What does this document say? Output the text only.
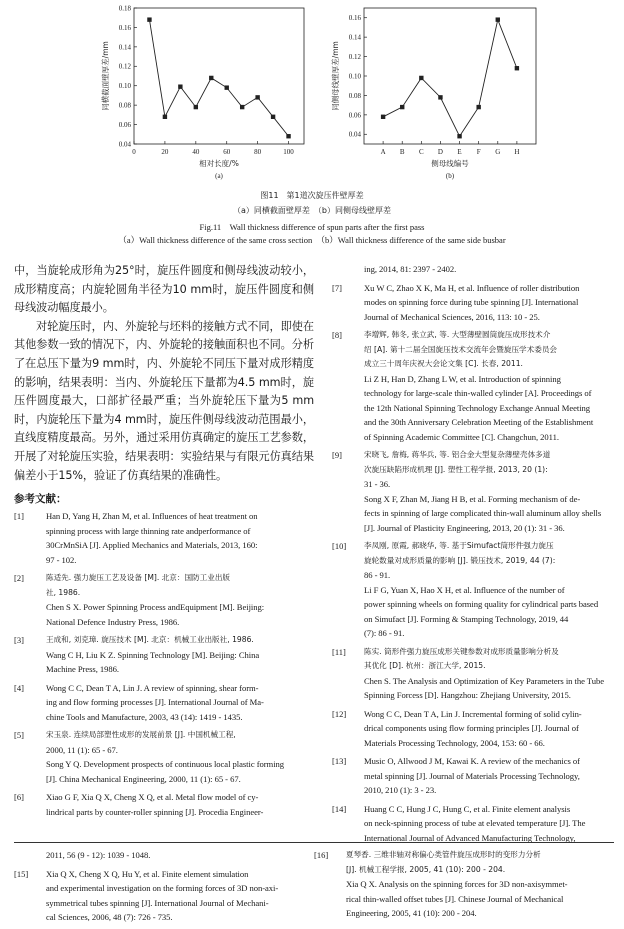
0.04
0.06
0.08
0.10
0.12
0.14
0.16
0.18
0	20	40	60	80	100
相对长度/%
同横截面壁厚差/mm
(a)
0.04
0.06
0.08
0.10
0.12
0.14
0.16
A B C D E F G H
侧母线编号
同侧母线壁厚差/mm
(b)
图11　第1道次旋压件壁厚差
（a）同横截面壁厚差　（b）同侧母线壁厚差
Fig.11　Wall thickness difference of spun parts after the first pass
（a）Wall thickness difference of the same cross section　（b）Wall thickness difference of the same side busbar

中，当旋轮成形角为25°时，旋压件圆度和侧母线波动较小，成形精度高；内旋轮圆角半径为10 mm时，旋压件圆度和侧母线波动幅度最小。

对轮旋压时，内、外旋轮与坯料的接触方式不同，即使在其他参数一致的情况下，内、外旋轮的接触面积也不同。分析了在总压下量为9 mm时，内、外旋轮不同压下量对成形精度的影响，结果表明：当内、外旋轮压下量都为4.5 mm时，旋压件圆度最大，口部扩径最严重；当外旋轮压下量为5 mm时，内旋轮压下量为4 mm时，旋压件侧母线波动范围最小，直线度精度最高。另外，通过采用仿真确定的旋压工艺参数，开展了对轮旋压实验，结果表明：实验结果与有限元仿真结果偏差小于15%，验证了仿真结果的准确性。

参考文献：
[1]	Han D, Yang H, Zhan M, et al. Influences of heat treatment on
spinning process with large thinning rate andperformance of
30CrMnSiA [J]. Applied Mechanics and Materials, 2013, 160:
97 - 102.
[2]	陈适先. 强力旋压工艺及设备 [M]. 北京：国防工业出版
社, 1986.
Chen S X. Power Spinning Process andEquipment [M]. Beijing:
National Defence Industry Press, 1986.
[3]	王成和, 刘克璋. 旋压技术 [M]. 北京：机械工业出版社, 1986.
Wang C H, Liu K Z. Spinning Technology [M]. Beijing: China
Machine Press, 1986.
[4]	Wong C C, Dean T A, Lin J. A review of spinning, shear form-
ing and flow forming processes [J]. International Journal of Ma-
chine Tools and Manufacture, 2003, 43 (14): 1419 - 1435.
[5]	宋玉泉. 连续局部塑性成形的发展前景 [J]. 中国机械工程,
2000, 11 (1): 65 - 67.
Song Y Q. Development prospects of continuous local plastic forming
[J]. China Mechanical Engineering, 2000, 11 (1): 65 - 67.
[6]	Xiao G F, Xia Q X, Cheng X Q, et al. Metal flow model of cy-
lindrical parts by counter-roller spinning [J]. Procedia Engineer-
ing, 2014, 81: 2397 - 2402.
[7]	Xu W C, Zhao X K, Ma H, et al. Influence of roller distribution
modes on spinning force during tube spinning [J]. International
Journal of Mechanical Sciences, 2016, 113: 10 - 25.
[8]	李增辉, 韩冬, 张立武, 等. 大型薄壁圆筒旋压成形技术介
绍 [A]. 第十二届全国旋压技术交流年会暨旋压学术委员会
成立三十周年庆祝大会论文集 [C]. 长春, 2011.
Li Z H, Han D, Zhang L W, et al. Introduction of spinning
technology for large-scale thin-walled cylinder [A]. Proceedings of
the 12th National Spinning Technology Exchange Annual Meeting
and the 30th Anniversary Celebration Meeting of the Establishment
of Spinning Academic Committee [C]. Changchun, 2011.
[9]	宋晓飞, 詹梅, 蒋华兵, 等. 铝合金大型复杂薄壁壳体多道
次旋压缺陷形成机理 [J]. 塑性工程学报, 2013, 20 (1):
31 - 36.
Song X F, Zhan M, Jiang H B, et al. Forming mechanism of de-
fects in spinning of large complicated thin-wall aluminum alloy shells
[J]. Journal of Plasticity Engineering, 2013, 20 (1): 31 - 36.
[10] 李凤刚, 原霞, 郝晓华, 等. 基于Simufact筒形件强力旋压
旋轮数量对成形质量的影响 [J]. 锻压技术, 2019, 44 (7):
86 - 91.
Li F G, Yuan X, Hao X H, et al. Influence of the number of
power spinning wheels on forming quality for cylindrical parts based
on Simufact [J]. Forming & Stamping Technology, 2019, 44
(7): 86 - 91.
[11] 陈实. 筒形件强力旋压成形关键参数对成形质量影响分析及
其优化 [D]. 杭州：浙江大学, 2015.
Chen S. The Analysis and Optimization of Key Parameters in the Tube
Spinning Forcess [D]. Hangzhou: Zhejiang University, 2015.
[12] Wong C C, Dean T A, Lin J. Incremental forming of solid cylin-
drical components using flow forming principles [J]. Journal of
Materials Processing Technology, 2004, 153: 60 - 66.
[13] Music O, Allwood J M, Kawai K. A review of the mechanics of
metal spinning [J]. Journal of Materials Processing Technology,
2010, 210 (1): 3 - 23.
[14] Huang C C, Hung J C, Hung C, et al. Finite element analysis
on neck-spinning process of tube at elevated temperature [J]. The
International Journal of Advanced Manufacturing Technology,
2011, 56 (9 - 12): 1039 - 1048.
[15] Xia Q X, Cheng X Q, Hu Y, et al. Finite element simulation
and experimental investigation on the forming forces of 3D non-axi-
symmetrical tubes spinning [J]. International Journal of Mechani-
cal Sciences, 2006, 48 (7): 726 - 735.
[16] 夏琴香. 三维非轴对称偏心类管件旋压成形时的变形力分析
[J]. 机械工程学报, 2005, 41 (10): 200 - 204.
Xia Q X. Analysis on the spinning forces for 3D non-axisymmet-
rical thin-walled offset tubes [J]. Chinese Journal of Mechanical
Engineering, 2005, 41 (10): 200 - 204.
